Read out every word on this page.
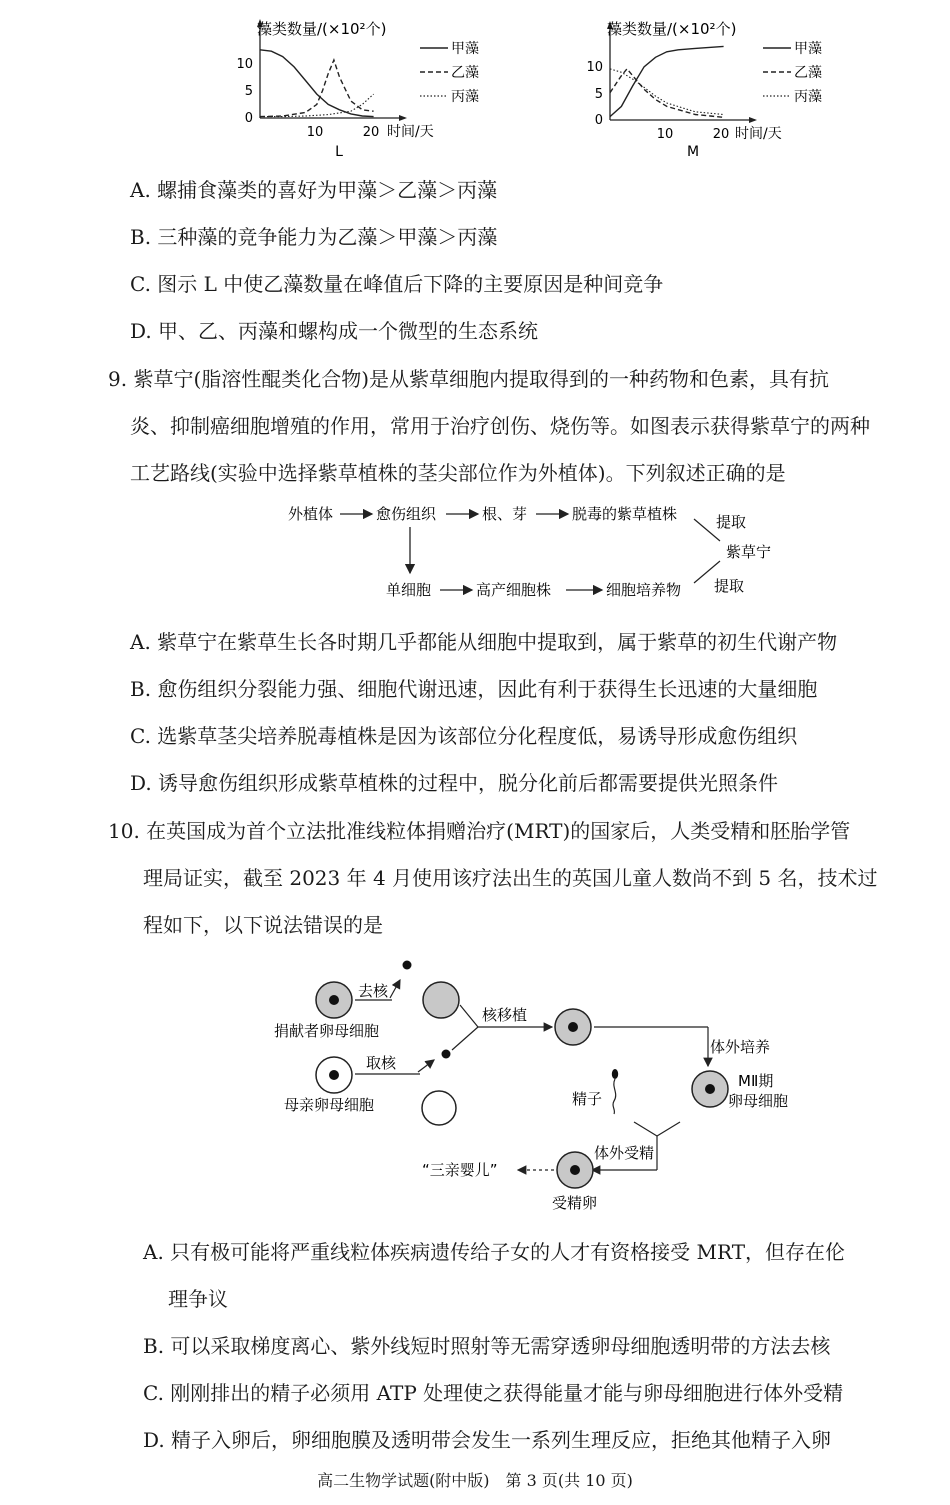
藻类数量/(×10²个)
10
5
0
10	20 时间/天
L
甲藻
乙藻
丙藻
藻类数量/(×10²个)
10
5
0
10	20 时间/天
M
甲藻
乙藻
丙藻
A. 螺捕食藻类的喜好为甲藻＞乙藻＞丙藻
B. 三种藻的竞争能力为乙藻＞甲藻＞丙藻
C. 图示 L 中使乙藻数量在峰值后下降的主要原因是种间竞争
D. 甲、乙、丙藻和螺构成一个微型的生态系统
9. 紫草宁(脂溶性醌类化合物)是从紫草细胞内提取得到的一种药物和色素，具有抗
炎、抑制癌细胞增殖的作用，常用于治疗创伤、烧伤等。如图表示获得紫草宁的两种
工艺路线(实验中选择紫草植株的茎尖部位作为外植体)。下列叙述正确的是
外植体	愈伤组织	根、芽	脱毒的紫草植株
单细胞	高产细胞株	细胞培养物
提取
紫草宁
提取
A. 紫草宁在紫草生长各时期几乎都能从细胞中提取到，属于紫草的初生代谢产物
B. 愈伤组织分裂能力强、细胞代谢迅速，因此有利于获得生长迅速的大量细胞
C. 选紫草茎尖培养脱毒植株是因为该部位分化程度低，易诱导形成愈伤组织
D. 诱导愈伤组织形成紫草植株的过程中，脱分化前后都需要提供光照条件
10. 在英国成为首个立法批准线粒体捐赠治疗(MRT)的国家后，人类受精和胚胎学管
理局证实，截至 2023 年 4 月使用该疗法出生的英国儿童人数尚不到 5 名，技术过
程如下，以下说法错误的是
去核
捐献者卵母细胞
取核
母亲卵母细胞
核移植
体外培养
MⅡ期
卵母细胞
精子
体外受精
受精卵
“三亲婴儿”
A. 只有极可能将严重线粒体疾病遗传给子女的人才有资格接受 MRT，但存在伦
理争议
B. 可以采取梯度离心、紫外线短时照射等无需穿透卵母细胞透明带的方法去核
C. 刚刚排出的精子必须用 ATP 处理使之获得能量才能与卵母细胞进行体外受精
D. 精子入卵后，卵细胞膜及透明带会发生一系列生理反应，拒绝其他精子入卵
高二生物学试题(附中版)　第 3 页(共 10 页)
